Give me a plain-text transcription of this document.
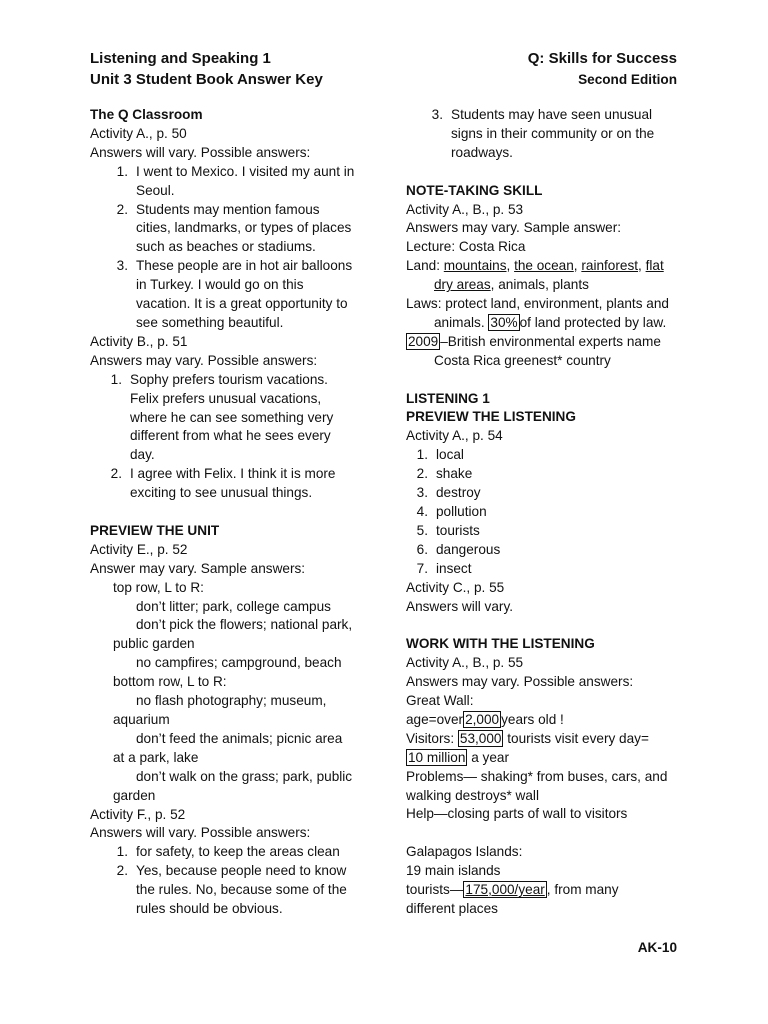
Listening and Speaking 1
Unit 3 Student Book Answer Key
Q: Skills for Success
Second Edition
The Q Classroom
Activity A., p. 50
Answers will vary. Possible answers:
1. I went to Mexico. I visited my aunt in
Seoul.
2. Students may mention famous
cities, landmarks, or types of places
such as beaches or stadiums.
3. These people are in hot air balloons
in Turkey. I would go on this
vacation. It is a great opportunity to
see something beautiful.
Activity B., p. 51
Answers may vary. Possible answers:
1. Sophy prefers tourism vacations.
Felix prefers unusual vacations,
where he can see something very
different from what he sees every
day.
2. I agree with Felix. I think it is more
exciting to see unusual things.
PREVIEW THE UNIT
Activity E., p. 52
Answer may vary. Sample answers:
top row, L to R:
don’t litter; park, college campus
don’t pick the flowers; national park,
public garden
no campfires; campground, beach
bottom row, L to R:
no flash photography; museum,
aquarium
don’t feed the animals; picnic area
at a park, lake
don’t walk on the grass; park, public
garden
Activity F., p. 52
Answers will vary. Possible answers:
1. for safety, to keep the areas clean
2. Yes, because people need to know
the rules. No, because some of the
rules should be obvious.
3. Students may have seen unusual
signs in their community or on the
roadways.
NOTE-TAKING SKILL
Activity A., B., p. 53
Answers may vary. Sample answer:
Lecture: Costa Rica
Land: mountains, the ocean, rainforest, flat
dry areas, animals, plants
Laws: protect land, environment, plants and
animals. 30% of land protected by law.
2009 –British environmental experts name
Costa Rica greenest* country
LISTENING 1
PREVIEW THE LISTENING
Activity A., p. 54
1. local
2. shake
3. destroy
4. pollution
5. tourists
6. dangerous
7. insect
Activity C., p. 55
Answers will vary.
WORK WITH THE LISTENING
Activity A., B., p. 55
Answers may vary. Possible answers:
Great Wall:
age=over 2,000 years old !
Visitors: 53,000 tourists visit every day=
10 million a year
Problems— shaking* from buses, cars, and
walking destroys* wall
Help—closing parts of wall to visitors
Galapagos Islands:
19 main islands
tourists— 175,000/year , from many
different places
AK-10
